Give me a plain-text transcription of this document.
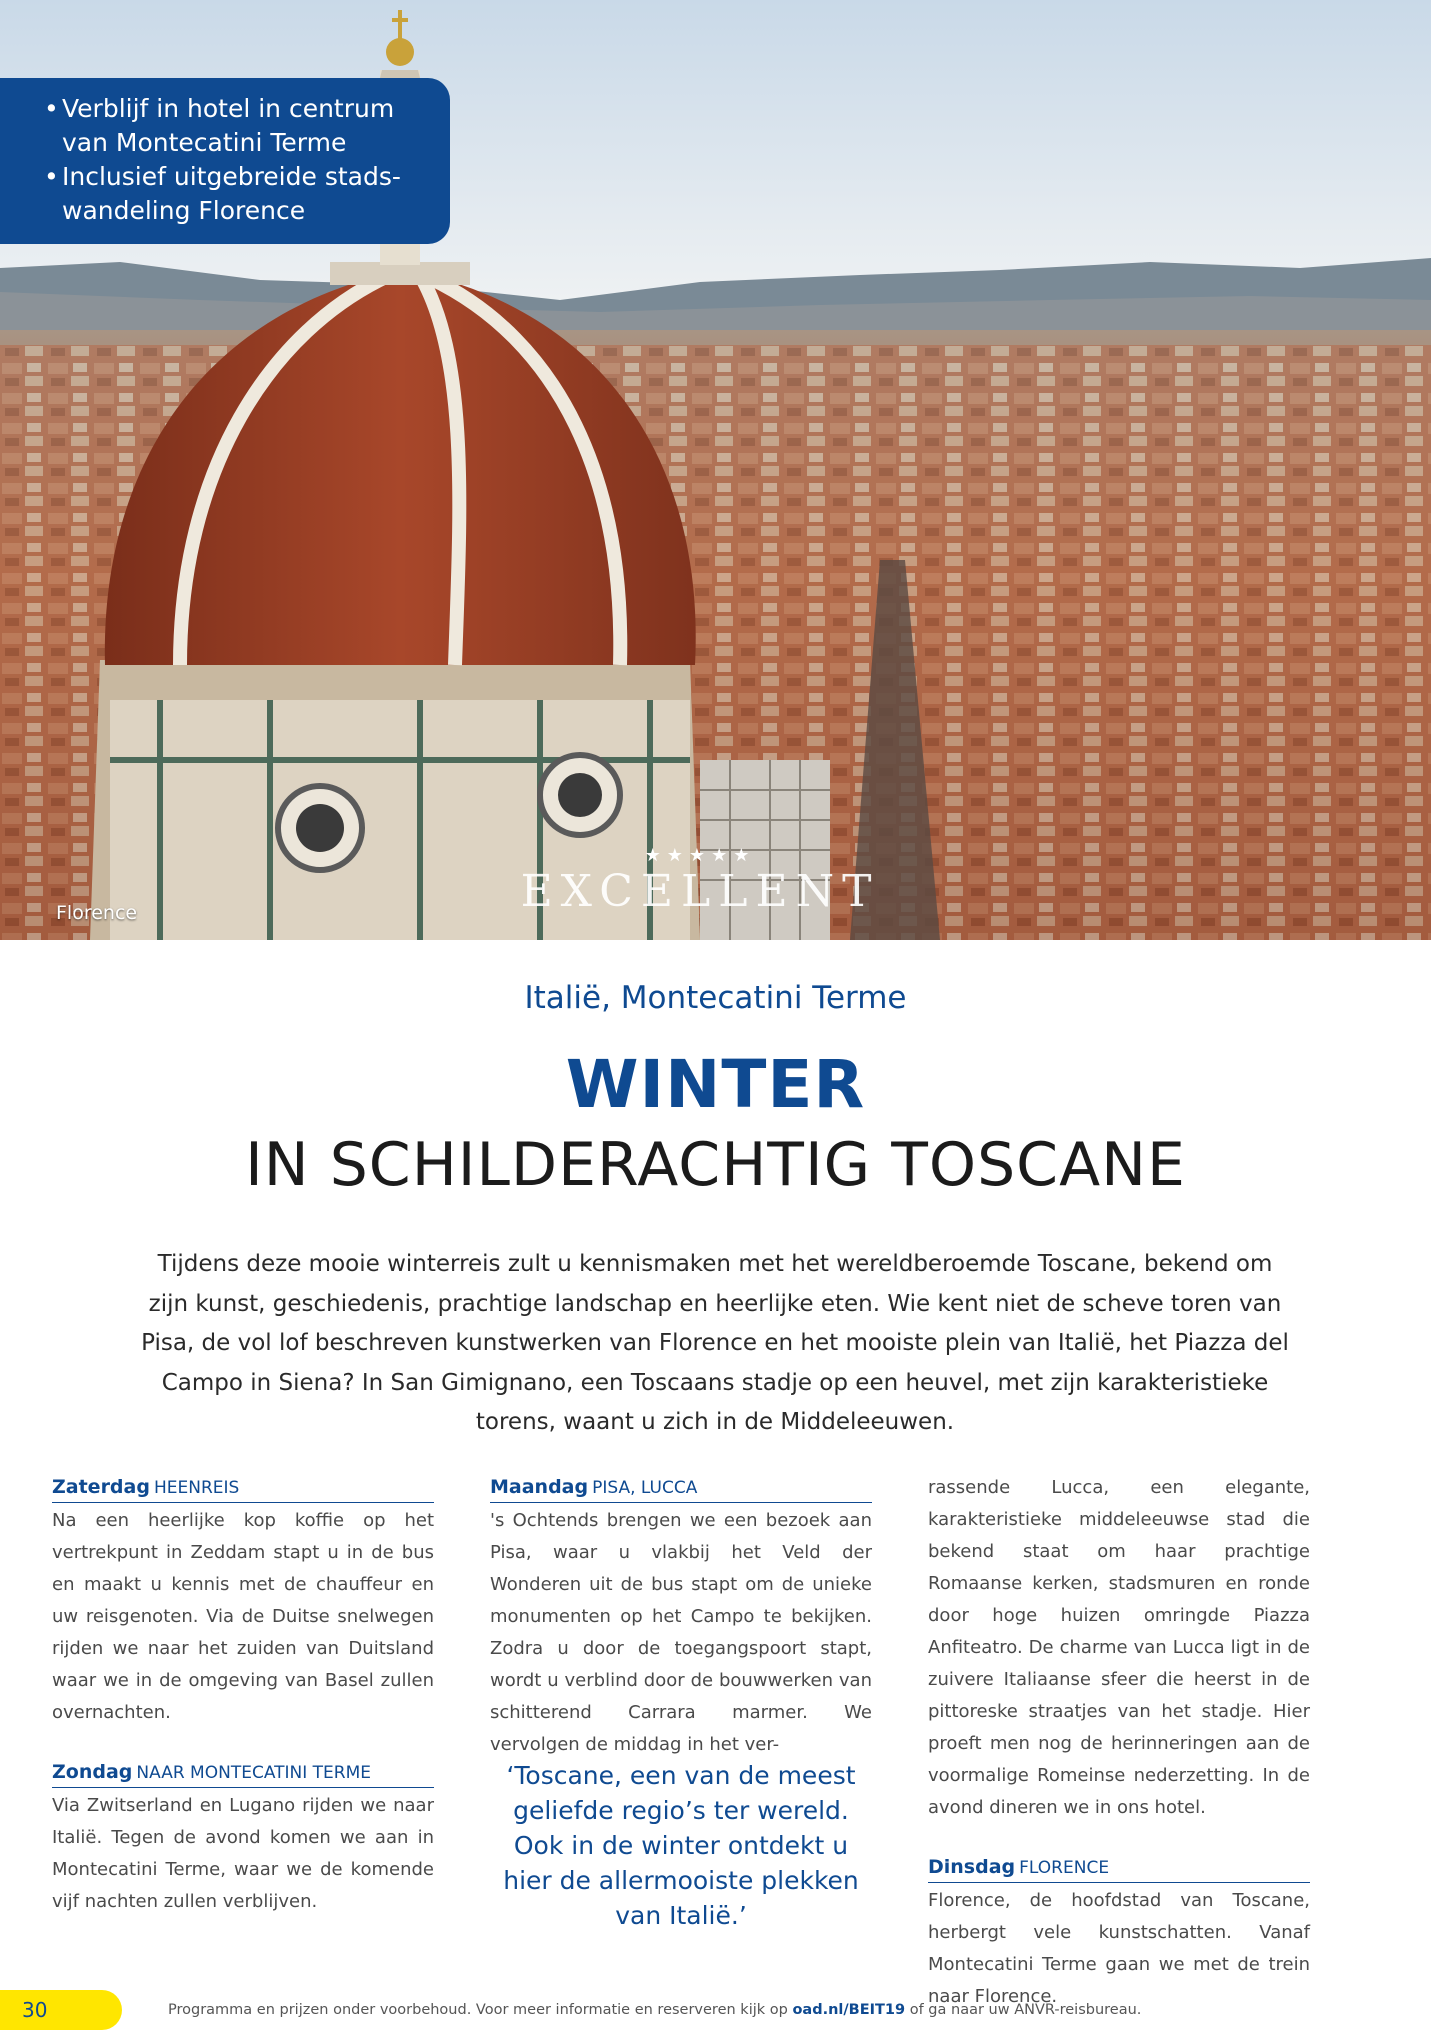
• Verblijf in hotel in centrum van Montecatini Terme
• Inclusief uitgebreide stads-wandeling Florence
Florence
★★★★★
EXCELLENT
Italië, Montecatini Terme
WINTER
IN SCHILDERACHTIG TOSCANE

Tijdens deze mooie winterreis zult u kennismaken met het wereldberoemde Toscane, bekend om zijn kunst, geschiedenis, prachtige landschap en heerlijke eten. Wie kent niet de scheve toren van Pisa, de vol lof beschreven kunstwerken van Florence en het mooiste plein van Italië, het Piazza del Campo in Siena? In San Gimignano, een Toscaans stadje op een heuvel, met zijn karakteristieke torens, waant u zich in de Middeleeuwen.

Zaterdag HEENREIS

Na een heerlijke kop koffie op het vertrekpunt in Zeddam stapt u in de bus en maakt u kennis met de chauffeur en uw reisgenoten. Via de Duitse snelwegen rijden we naar het zuiden van Duitsland waar we in de omgeving van Basel zullen overnachten.

Zondag NAAR MONTECATINI TERME

Via Zwitserland en Lugano rijden we naar Italië. Tegen de avond komen we aan in Montecatini Terme, waar we de komende vijf nachten zullen verblijven.

Maandag PISA, LUCCA

's Ochtends brengen we een bezoek aan Pisa, waar u vlakbij het Veld der Wonderen uit de bus stapt om de unieke monumenten op het Campo te bekijken. Zodra u door de toegangspoort stapt, wordt u verblind door de bouwwerken van schitterend Carrara marmer. We vervolgen de middag in het ver-

‘Toscane, een van de meest geliefde regio’s ter wereld. Ook in de winter ontdekt u hier de allermooiste plekken van Italië.’

rassende Lucca, een elegante, karakteristieke middeleeuwse stad die bekend staat om haar prachtige Romaanse kerken, stadsmuren en ronde door hoge huizen omringde Piazza Anfiteatro. De charme van Lucca ligt in de zuivere Italiaanse sfeer die heerst in de pittoreske straatjes van het stadje. Hier proeft men nog de herinneringen aan de voormalige Romeinse nederzetting. In de avond dineren we in ons hotel.

Dinsdag FLORENCE

Florence, de hoofdstad van Toscane, herbergt vele kunstschatten. Vanaf Montecatini Terme gaan we met de trein naar Florence.

30	Programma en prijzen onder voorbehoud. Voor meer informatie en reserveren kijk op oad.nl/BEIT19 of ga naar uw ANVR-reisbureau.
